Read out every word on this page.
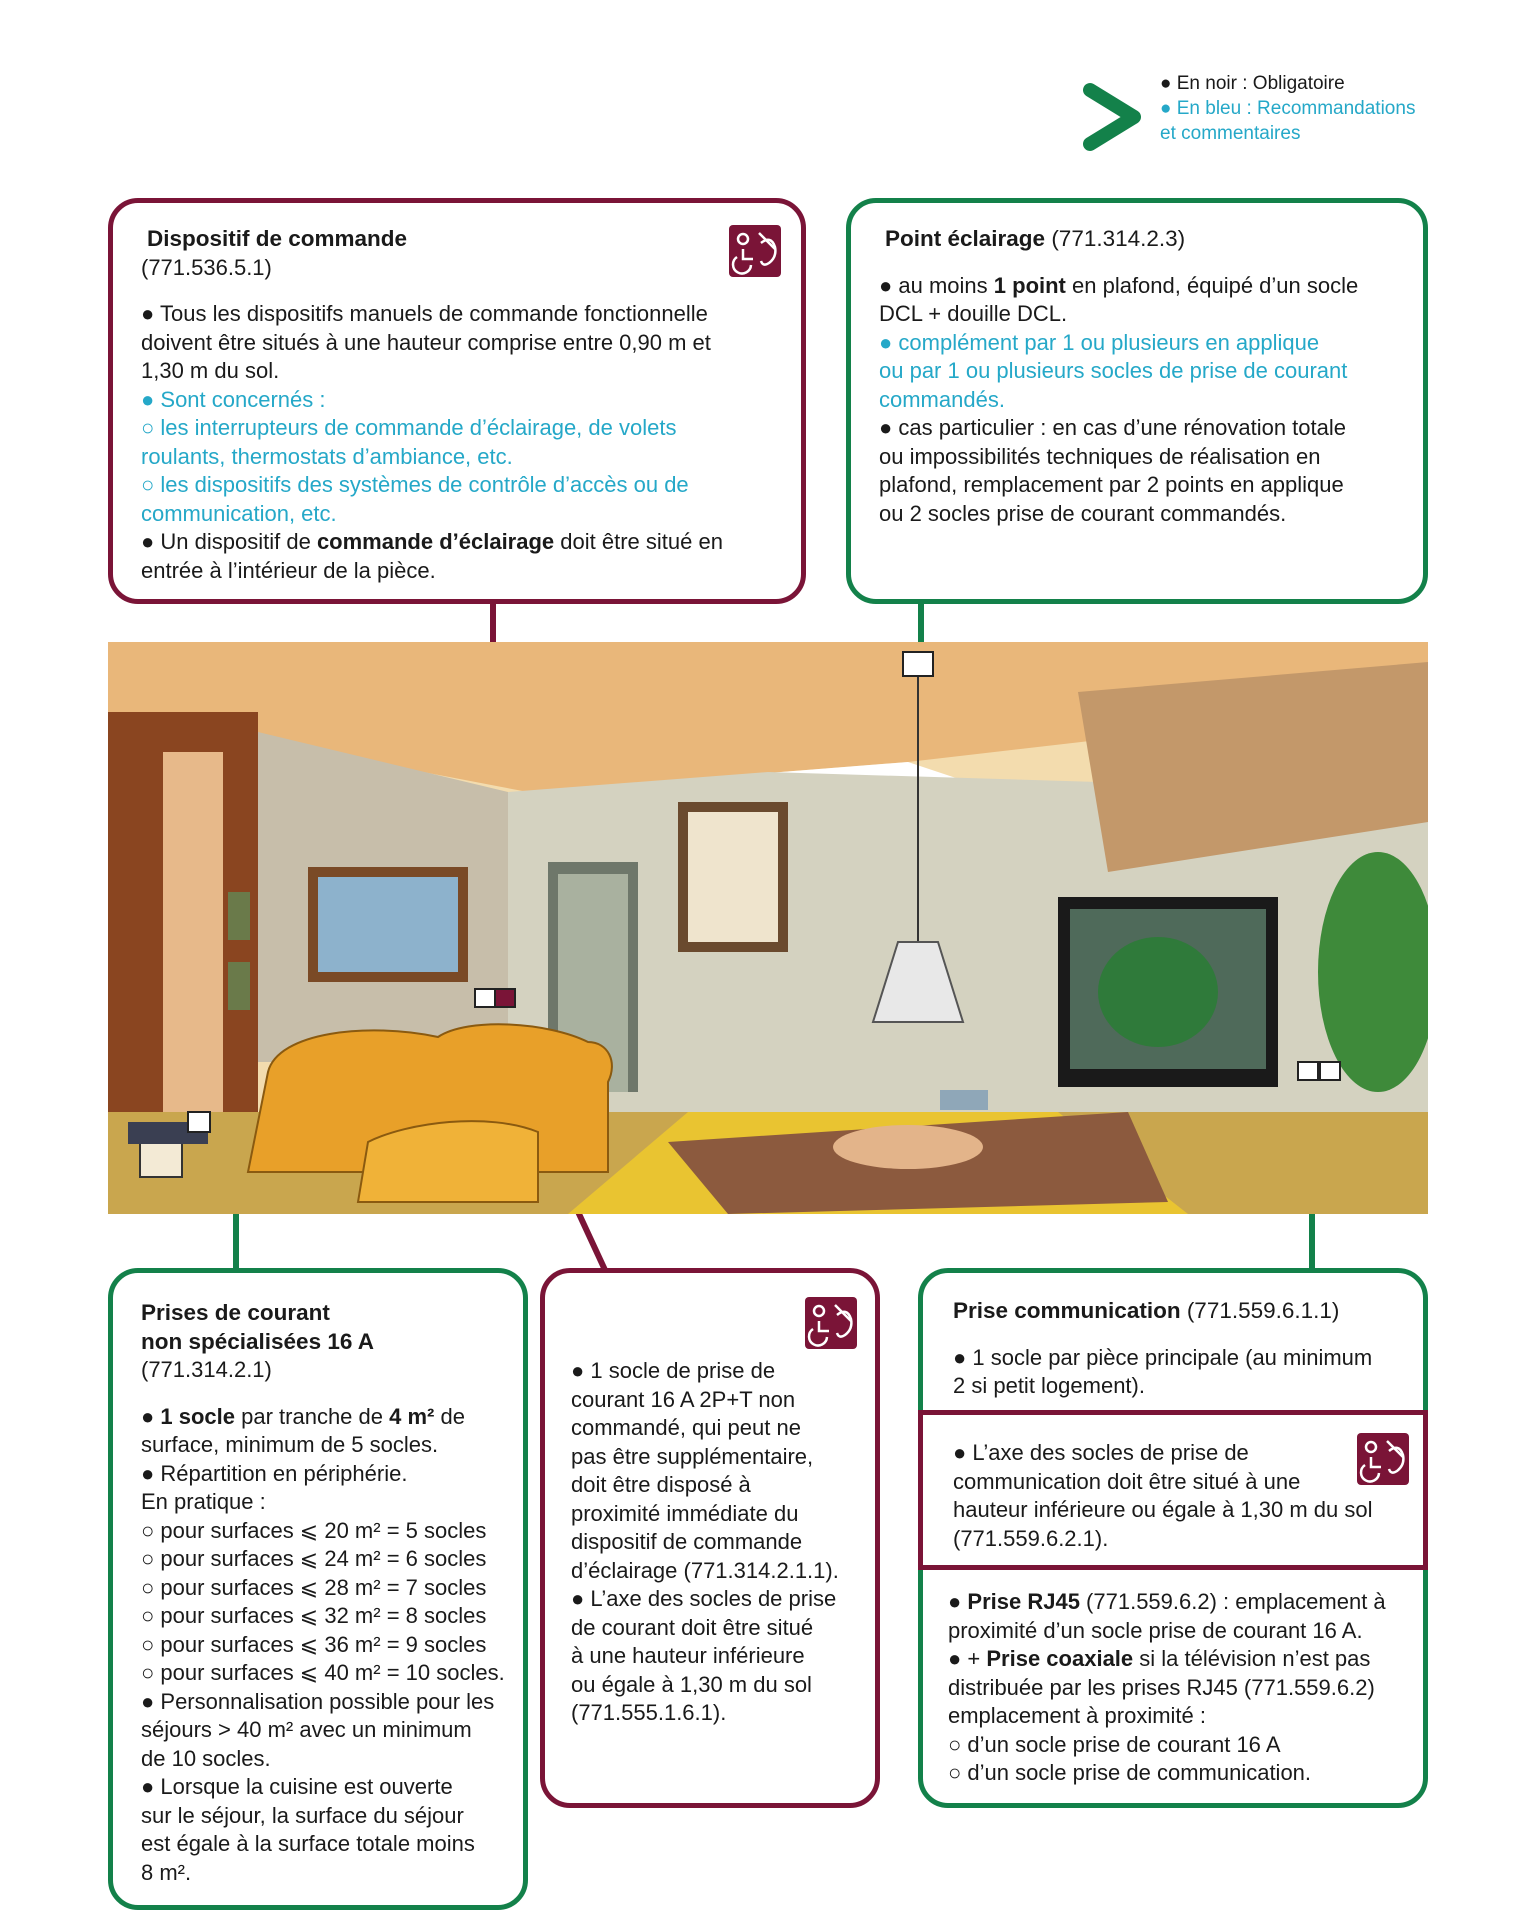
● En noir : Obligatoire

● En bleu : Recommandations

et commentaires

Dispositif de commande

(771.536.5.1)

● Tous les dispositifs manuels de commande fonctionnelle

doivent être situés à une hauteur comprise entre 0,90 m et

1,30 m du sol.

● Sont concernés :

○ les interrupteurs de commande d’éclairage, de volets

roulants, thermostats d’ambiance, etc.

○ les dispositifs des systèmes de contrôle d’accès ou de

communication, etc.

● Un dispositif de commande d’éclairage doit être situé en

entrée à l’intérieur de la pièce.

Point éclairage (771.314.2.3)

● au moins 1 point en plafond, équipé d’un socle

DCL + douille DCL.

● complément par 1 ou plusieurs en applique

ou par 1 ou plusieurs socles de prise de courant

commandés.

● cas particulier : en cas d’une rénovation totale

ou impossibilités techniques de réalisation en

plafond, remplacement par 2 points en applique

ou 2 socles prise de courant commandés.

Prises de courant

non spécialisées 16 A

(771.314.2.1)

● 1 socle par tranche de 4 m² de

surface, minimum de 5 socles.

● Répartition en périphérie.

En pratique :

○ pour surfaces ⩽ 20 m² = 5 socles

○ pour surfaces ⩽ 24 m² = 6 socles

○ pour surfaces ⩽ 28 m² = 7 socles

○ pour surfaces ⩽ 32 m² = 8 socles

○ pour surfaces ⩽ 36 m² = 9 socles

○ pour surfaces ⩽ 40 m² = 10 socles.

● Personnalisation possible pour les

séjours > 40 m² avec un minimum

de 10 socles.

● Lorsque la cuisine est ouverte

sur le séjour, la surface du séjour

est égale à la surface totale moins

8 m².

● 1 socle de prise de

courant 16 A 2P+T non

commandé, qui peut ne

pas être supplémentaire,

doit être disposé à

proximité immédiate du

dispositif de commande

d’éclairage (771.314.2.1.1).

● L’axe des socles de prise

de courant doit être situé

à une hauteur inférieure

ou égale à 1,30 m du sol

(771.555.1.6.1).

Prise communication (771.559.6.1.1)

● 1 socle par pièce principale (au minimum

2 si petit logement).

● L’axe des socles de prise de

communication doit être situé à une

hauteur inférieure ou égale à 1,30 m du sol

(771.559.6.2.1).

● Prise RJ45 (771.559.6.2) : emplacement à

proximité d’un socle prise de courant 16 A.

● + Prise coaxiale si la télévision n’est pas

distribuée par les prises RJ45 (771.559.6.2)

emplacement à proximité :

○ d’un socle prise de courant 16 A

○ d’un socle prise de communication.
